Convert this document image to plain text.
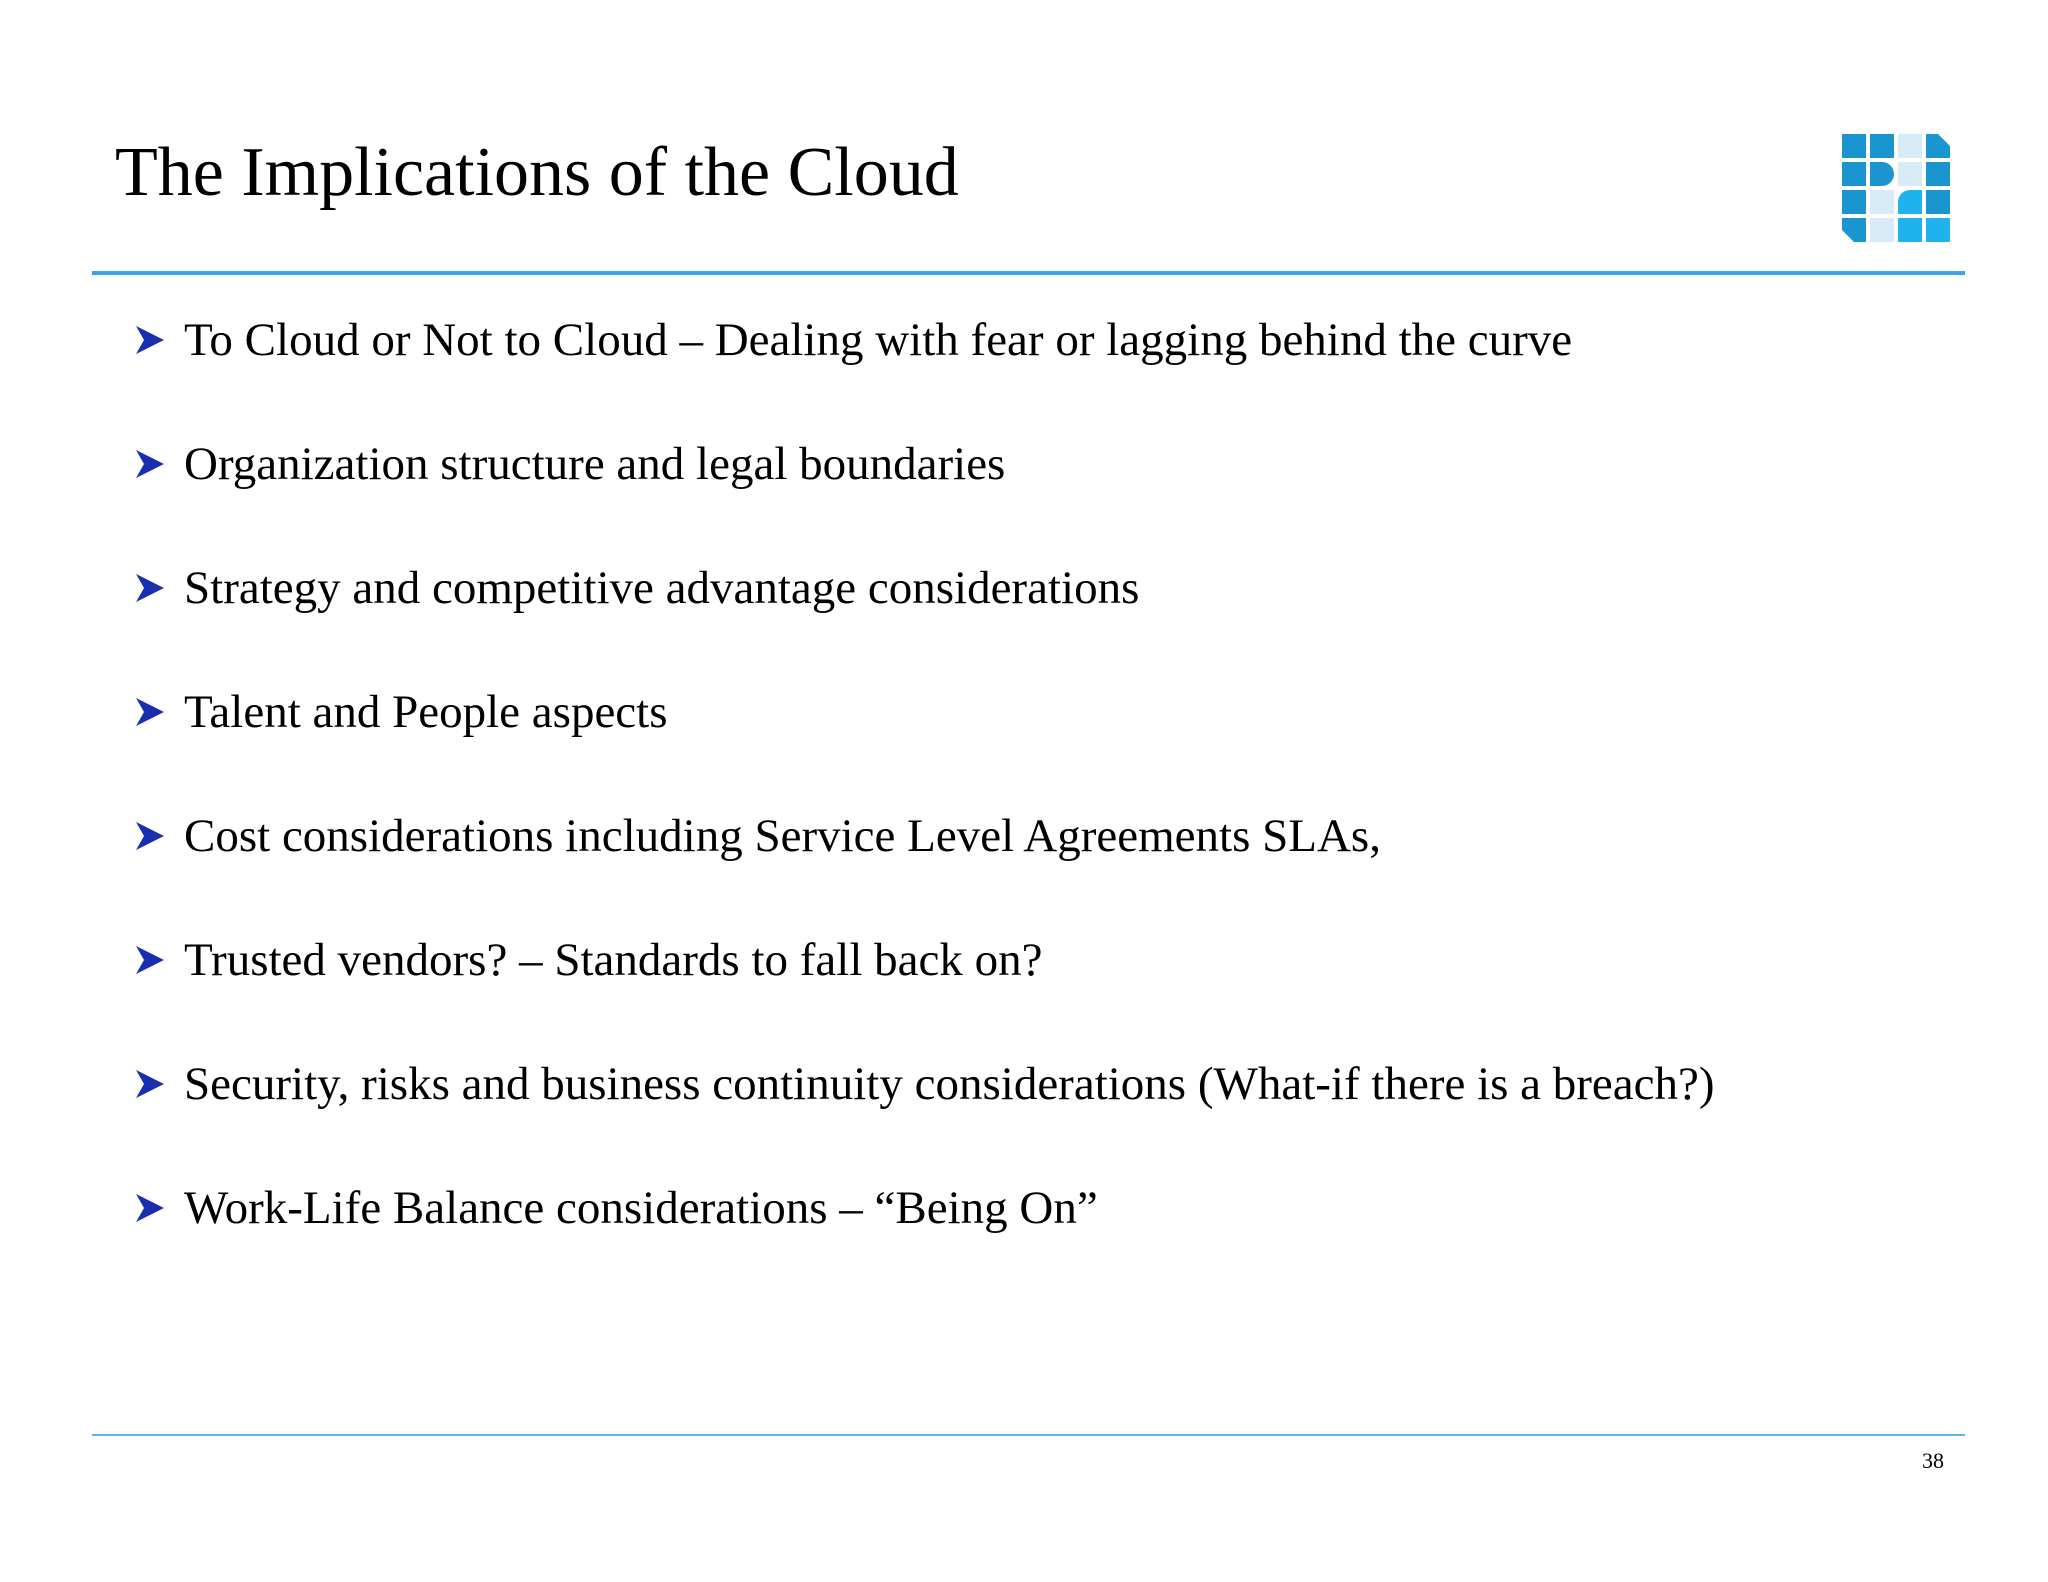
The Implications of the Cloud
To Cloud or Not to Cloud – Dealing with fear or lagging behind the curve
Organization structure and legal boundaries
Strategy and competitive advantage considerations
Talent and People aspects
Cost considerations including Service Level Agreements SLAs,
Trusted vendors? – Standards to fall back on?
Security, risks and business continuity considerations (What-if there is a breach?)
Work-Life Balance considerations – “Being On”
38
